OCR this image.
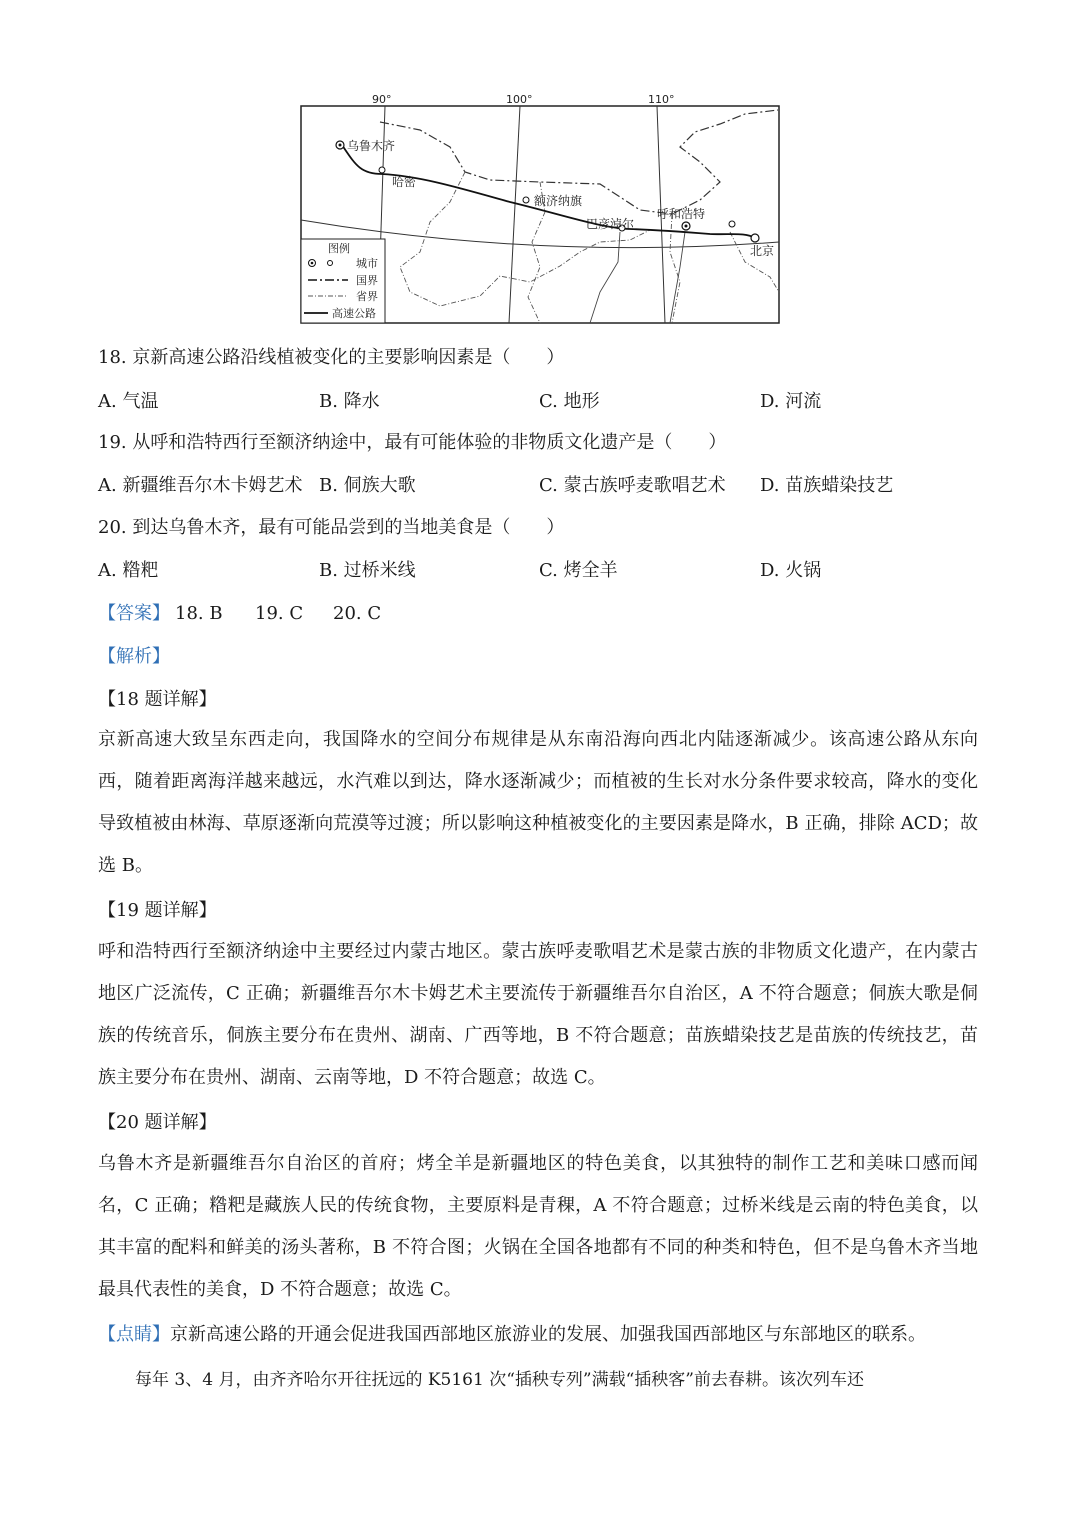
90°	100°	110°
乌鲁木齐
哈密
额济纳旗
巴彦淖尔
呼和浩特
北京
图例
城市
国界
省界
高速公路
18. 京新高速公路沿线植被变化的主要影响因素是（　　）
A. 气温	B. 降水	C. 地形	D. 河流
19. 从呼和浩特西行至额济纳途中，最有可能体验的非物质文化遗产是（　　）
A. 新疆维吾尔木卡姆艺术 B. 侗族大歌	C. 蒙古族呼麦歌唱艺术 D. 苗族蜡染技艺
20. 到达乌鲁木齐，最有可能品尝到的当地美食是（　　）
A. 糌粑	B. 过桥米线	C. 烤全羊	D. 火锅
【答案】 18. B 19. C 20. C
【解析】
【18 题详解】
京新高速大致呈东西走向，我国降水的空间分布规律是从东南沿海向西北内陆逐渐减少。该高速公路从东向西，随着距离海洋越来越远，水汽难以到达，降水逐渐减少；而植被的生长对水分条件要求较高，降水的变化导致植被由林海、草原逐渐向荒漠等过渡；所以影响这种植被变化的主要因素是降水，B 正确，排除 ACD；故选 B。
【19 题详解】
呼和浩特西行至额济纳途中主要经过内蒙古地区。蒙古族呼麦歌唱艺术是蒙古族的非物质文化遗产，在内蒙古地区广泛流传，C 正确；新疆维吾尔木卡姆艺术主要流传于新疆维吾尔自治区，A 不符合题意；侗族大歌是侗族的传统音乐，侗族主要分布在贵州、湖南、广西等地，B 不符合题意；苗族蜡染技艺是苗族的传统技艺，苗族主要分布在贵州、湖南、云南等地，D 不符合题意；故选 C。
【20 题详解】
乌鲁木齐是新疆维吾尔自治区的首府；烤全羊是新疆地区的特色美食，以其独特的制作工艺和美味口感而闻名，C 正确；糌粑是藏族人民的传统食物，主要原料是青稞，A 不符合题意；过桥米线是云南的特色美食，以其丰富的配料和鲜美的汤头著称，B 不符合图；火锅在全国各地都有不同的种类和特色，但不是乌鲁木齐当地最具代表性的美食，D 不符合题意；故选 C。
【点睛】京新高速公路的开通会促进我国西部地区旅游业的发展、加强我国西部地区与东部地区的联系。
每年 3、4 月，由齐齐哈尔开往抚远的 K5161 次“插秧专列”满载“插秧客”前去春耕。该次列车还
